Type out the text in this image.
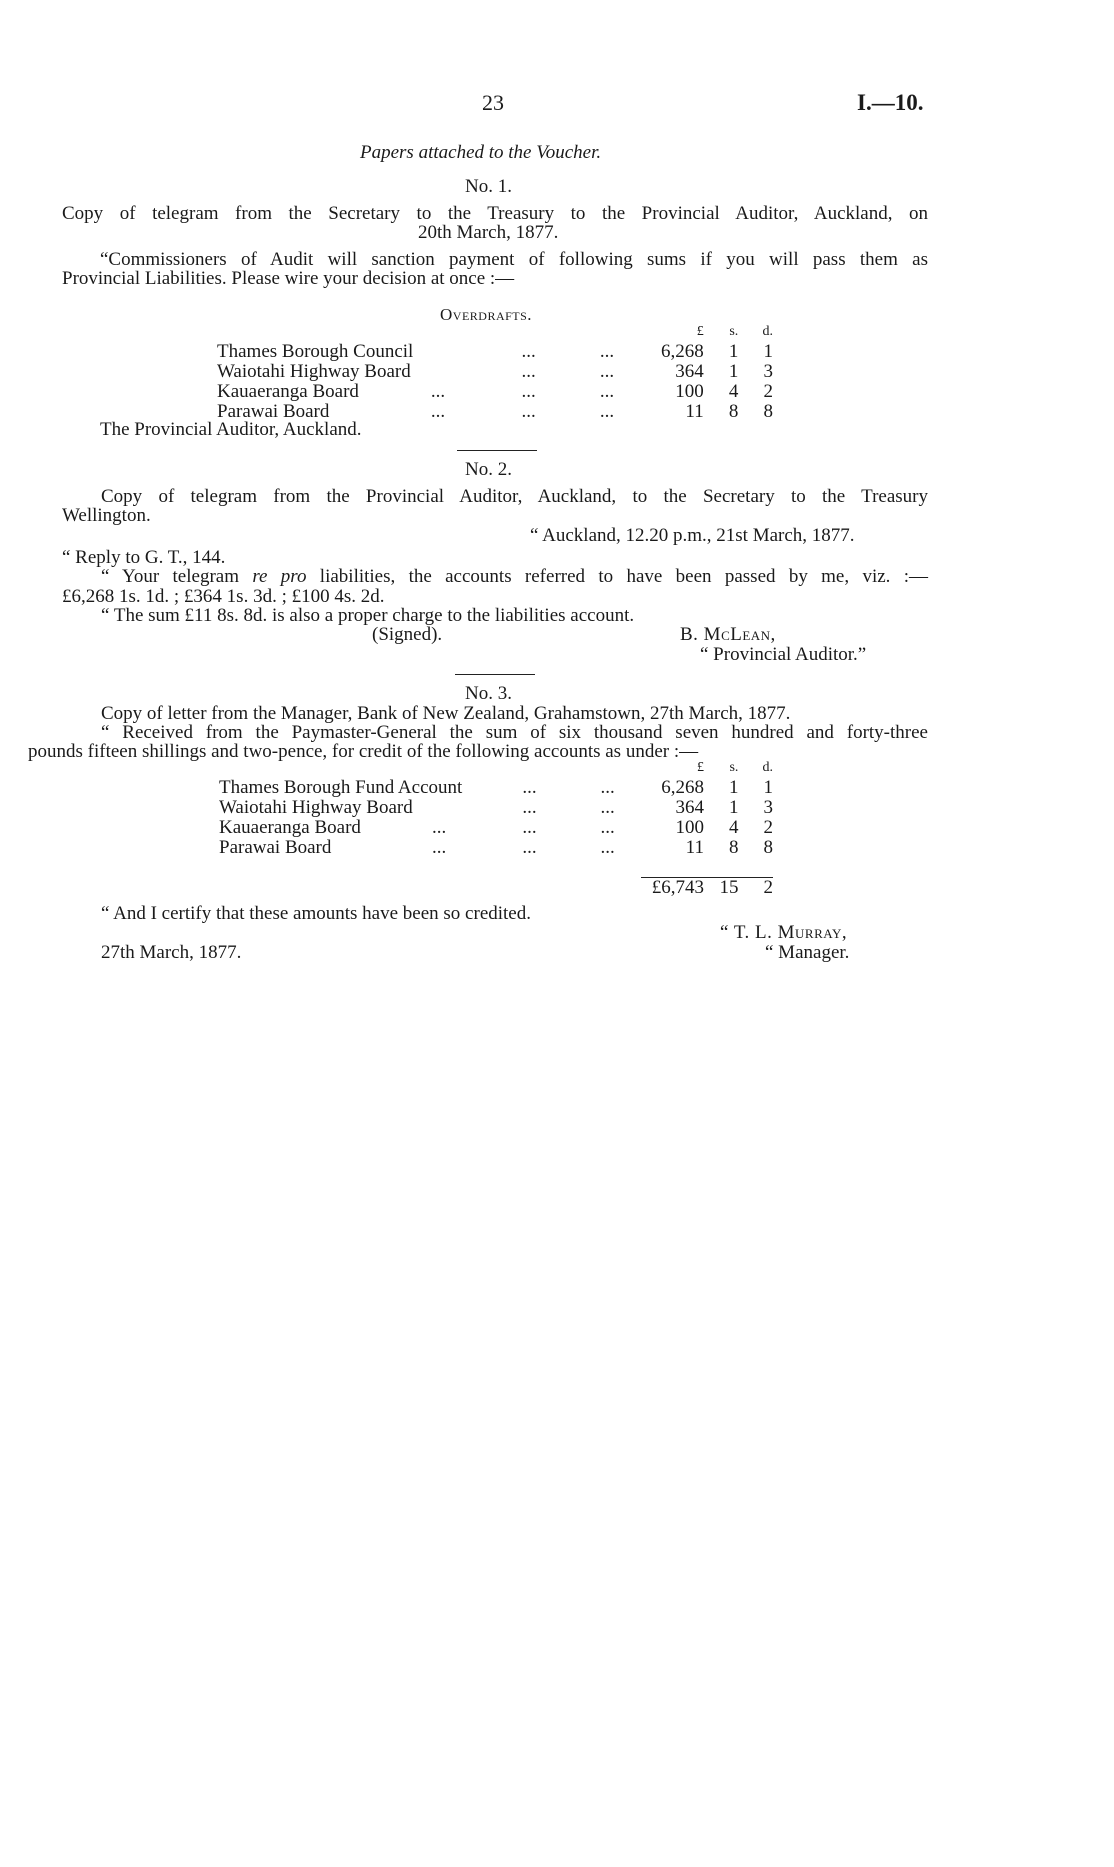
23	I.—10.
Papers attached to the Voucher.
No. 1.
Copy of telegram from the Secretary to the Treasury to the Provincial Auditor, Auckland, on
20th March, 1877.
“Commissioners of Audit will sanction payment of following sums if you will pass them as
Provincial Liabilities. Please wire your decision at once :—
Overdrafts.
				£	s.	d.
Thames Borough Council		...	...	6,268	1	1
Waiotahi Highway Board		...	...	364	1	3
Kauaeranga Board	...	...	...	100	4	2
Parawai Board	...	...	...	11	8	8
The Provincial Auditor, Auckland.
No. 2.
Copy of telegram from the Provincial Auditor, Auckland, to the Secretary to the Treasury
Wellington.
“ Auckland, 12.20 p.m., 21st March, 1877.
“ Reply to G. T., 144.
“ Your telegram re pro liabilities, the accounts referred to have been passed by me, viz. :—
£6,268 1s. 1d. ; £364 1s. 3d. ; £100 4s. 2d.
“ The sum £11 8s. 8d. is also a proper charge to the liabilities account.
(Signed).	B. McLean,
“ Provincial Auditor.”
No. 3.
Copy of letter from the Manager, Bank of New Zealand, Grahamstown, 27th March, 1877.
“ Received from the Paymaster-General the sum of six thousand seven hundred and forty-three
pounds fifteen shillings and two-pence, for credit of the following accounts as under :—
				£	s.	d.
Thames Borough Fund Account		...	...	6,268	1	1
Waiotahi Highway Board		...	...	364	1	3
Kauaeranga Board	...	...	...	100	4	2
Parawai Board	...	...	...	11	8	8

				£6,743	15	2
“ And I certify that these amounts have been so credited.
“ T. L. Murray,
“ Manager.
27th March, 1877.
